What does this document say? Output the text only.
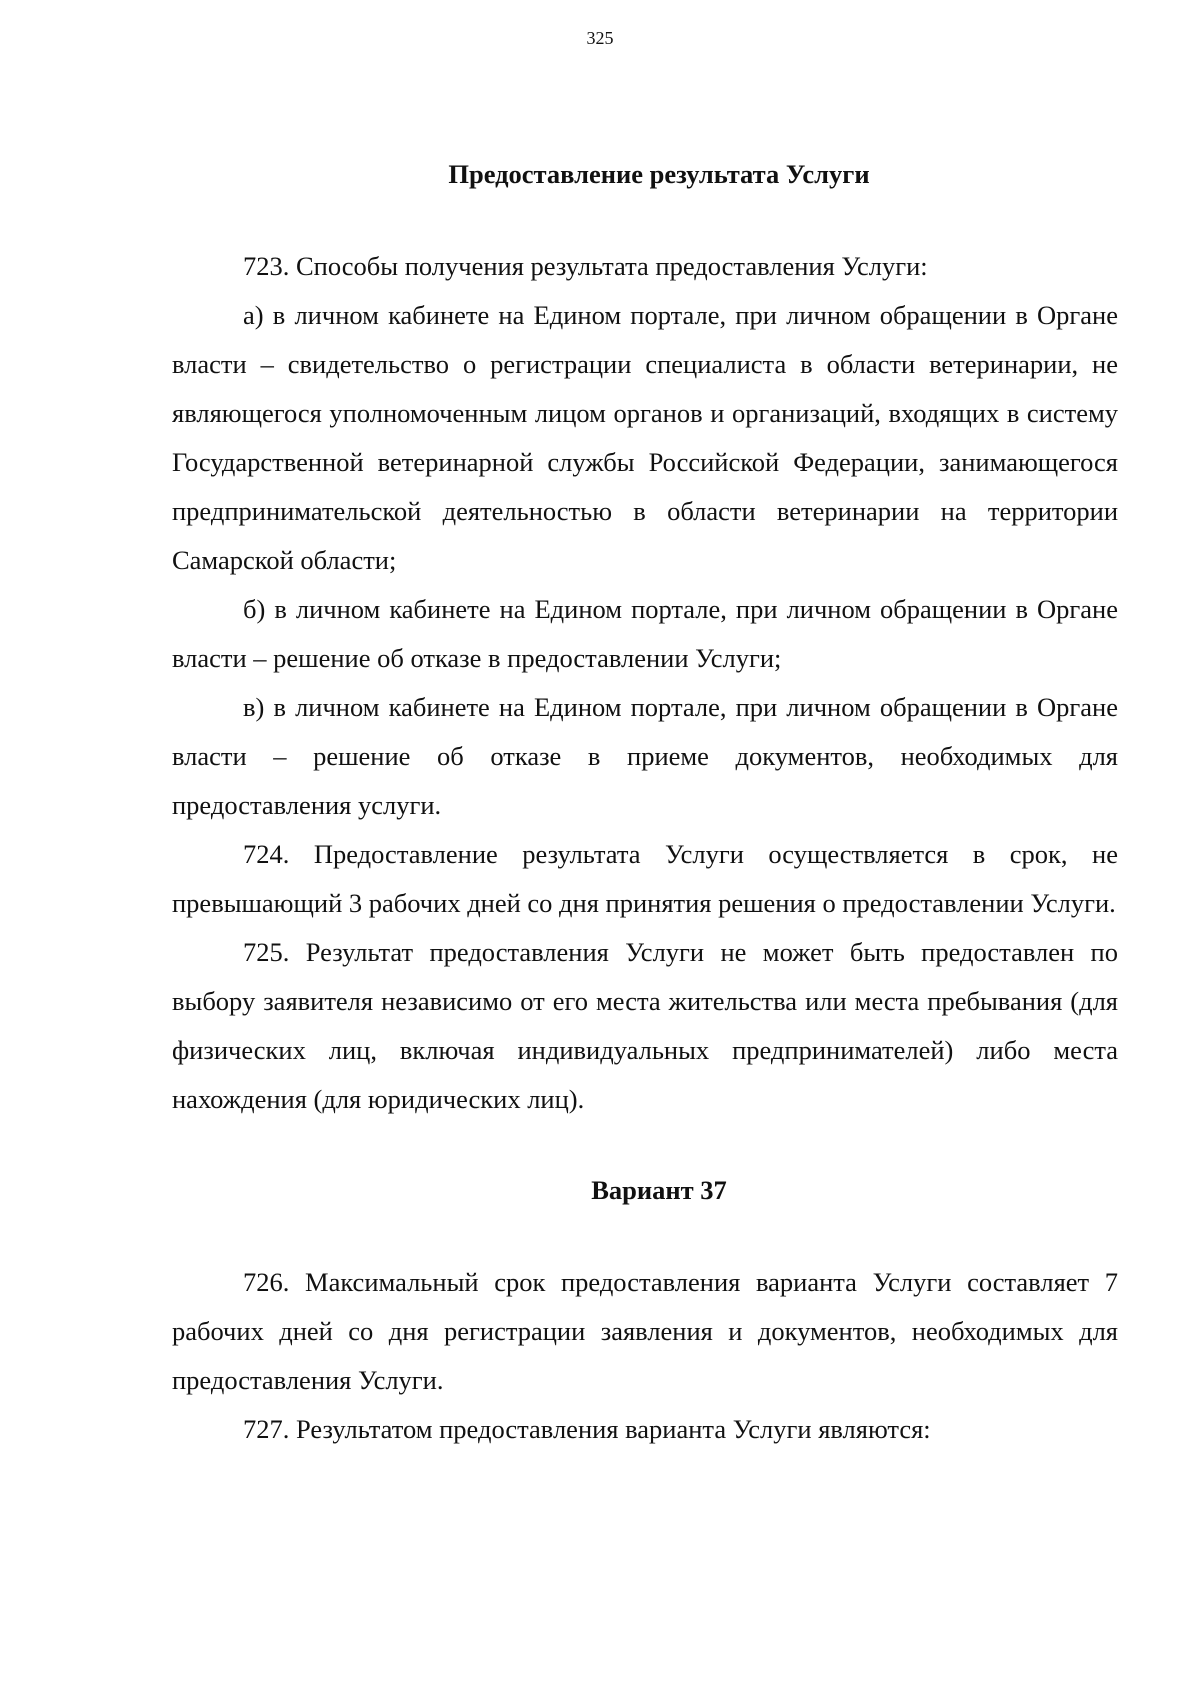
325
Предоставление результата Услуги

723. Способы получения результата предоставления Услуги:

а) в личном кабинете на Едином портале, при личном обращении в Органе власти – свидетельство о регистрации специалиста в области ветеринарии, не являющегося уполномоченным лицом органов и организаций, входящих в систему Государственной ветеринарной службы Российской Федерации, занимающегося предпринимательской деятельностью в области ветеринарии на территории Самарской области;

б) в личном кабинете на Едином портале, при личном обращении в Органе власти – решение об отказе в предоставлении Услуги;

в) в личном кабинете на Едином портале, при личном обращении в Органе власти – решение об отказе в приеме документов, необходимых для предоставления услуги.

724. Предоставление результата Услуги осуществляется в срок, не превышающий 3 рабочих дней со дня принятия решения о предоставлении Услуги.

725. Результат предоставления Услуги не может быть предоставлен по выбору заявителя независимо от его места жительства или места пребывания (для физических лиц, включая индивидуальных предпринимателей) либо места нахождения (для юридических лиц).

Вариант 37

726. Максимальный срок предоставления варианта Услуги составляет 7 рабочих дней со дня регистрации заявления и документов, необходимых для предоставления Услуги.

727. Результатом предоставления варианта Услуги являются:
